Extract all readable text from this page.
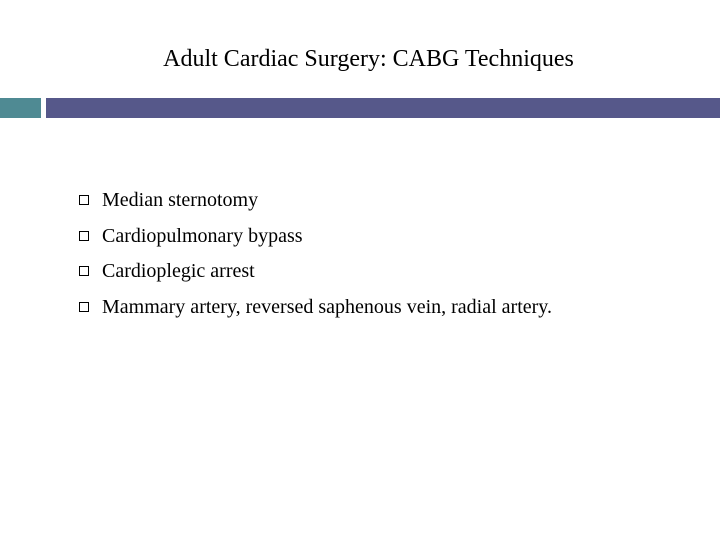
Adult Cardiac Surgery: CABG Techniques
Median sternotomy
Cardiopulmonary bypass
Cardioplegic arrest
Mammary artery, reversed saphenous vein, radial artery.
